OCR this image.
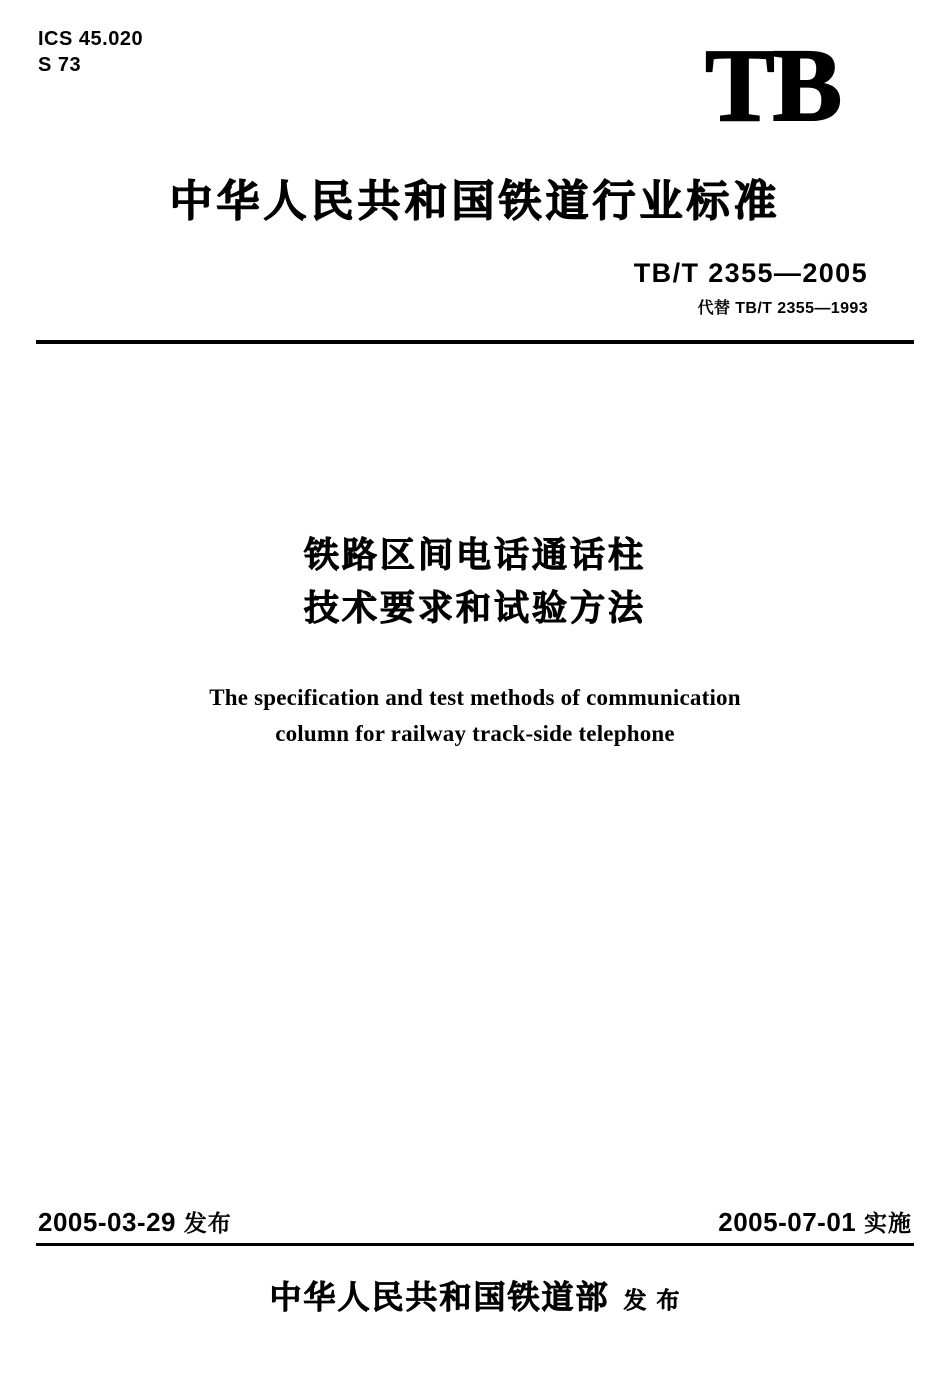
ICS 45.020
S 73	TB
中华人民共和国铁道行业标准
TB/T 2355—2005
代替 TB/T 2355—1993
铁路区间电话通话柱
技术要求和试验方法
The specification and test methods of communication
column for railway track-side telephone
2005-03-29 发布	2005-07-01 实施
中华人民共和国铁道部 发 布
